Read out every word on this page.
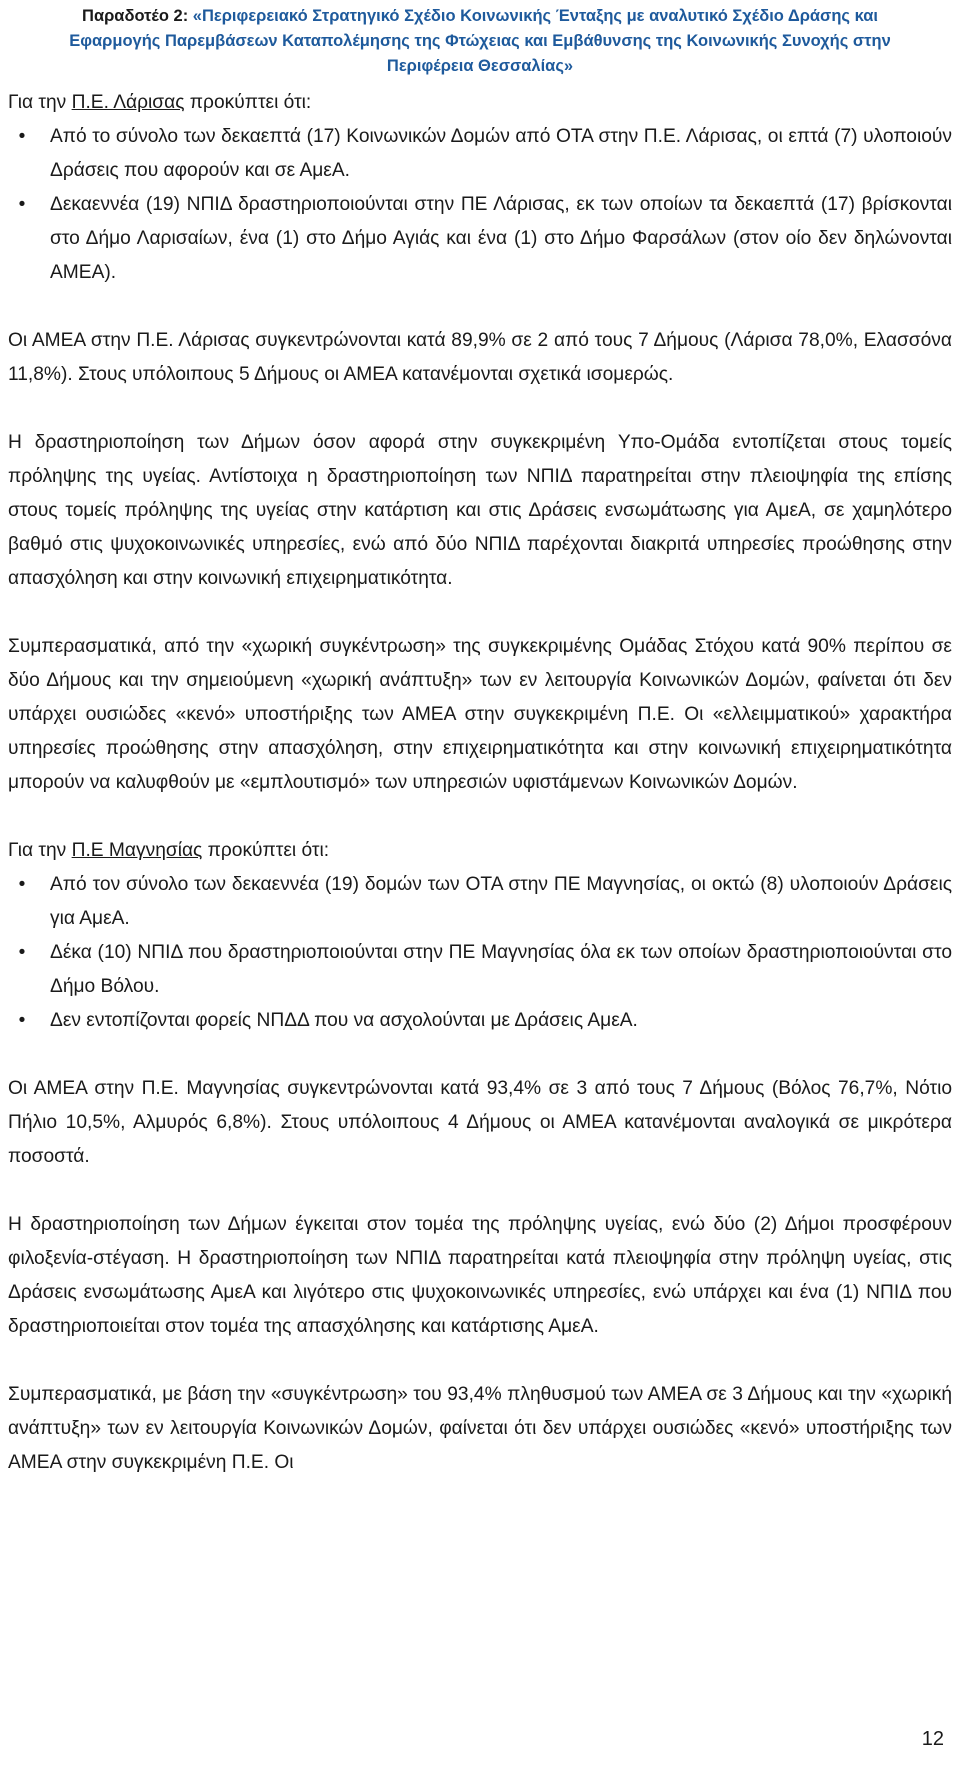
Παραδοτέο 2: «Περιφερειακό Στρατηγικό Σχέδιο Κοινωνικής Ένταξης με αναλυτικό Σχέδιο Δράσης και
Εφαρμογής Παρεμβάσεων Καταπολέμησης της Φτώχειας και Εμβάθυνσης της Κοινωνικής Συνοχής στην
Περιφέρεια Θεσσαλίας»

Για την Π.Ε. Λάρισας προκύπτει ότι:

•	Από το σύνολο των δεκαεπτά (17) Κοινωνικών Δομών από ΟΤΑ στην Π.Ε. Λάρισας, οι επτά (7) υλοποιούν Δράσεις που αφορούν και σε ΑμεΑ.
•	Δεκαεννέα (19) ΝΠΙΔ δραστηριοποιούνται στην ΠΕ Λάρισας, εκ των οποίων τα δεκαεπτά (17) βρίσκονται στο Δήμο Λαρισαίων, ένα (1) στο Δήμο Αγιάς και ένα (1) στο Δήμο Φαρσάλων (στον οίο δεν δηλώνονται ΑΜΕΑ).

Οι ΑΜΕΑ στην Π.Ε. Λάρισας συγκεντρώνονται κατά 89,9% σε 2 από τους 7 Δήμους (Λάρισα 78,0%, Ελασσόνα 11,8%). Στους υπόλοιπους 5 Δήμους οι ΑΜΕΑ κατανέμονται σχετικά ισομερώς.

Η δραστηριοποίηση των Δήμων όσον αφορά στην συγκεκριμένη Υπο-Ομάδα εντοπίζεται στους τομείς πρόληψης της υγείας. Αντίστοιχα η δραστηριοποίηση των ΝΠΙΔ παρατηρείται στην πλειοψηφία της επίσης στους τομείς πρόληψης της υγείας στην κατάρτιση και στις Δράσεις ενσωμάτωσης για ΑμεΑ, σε χαμηλότερο βαθμό στις ψυχοκοινωνικές υπηρεσίες, ενώ από δύο ΝΠΙΔ παρέχονται διακριτά υπηρεσίες προώθησης στην απασχόληση και στην κοινωνική επιχειρηματικότητα.

Συμπερασματικά, από την «χωρική συγκέντρωση» της συγκεκριμένης Ομάδας Στόχου κατά 90% περίπου σε δύο Δήμους και την σημειούμενη «χωρική ανάπτυξη» των εν λειτουργία Κοινωνικών Δομών, φαίνεται ότι δεν υπάρχει ουσιώδες «κενό» υποστήριξης των ΑΜΕΑ στην συγκεκριμένη Π.Ε. Οι «ελλειμματικού» χαρακτήρα υπηρεσίες προώθησης στην απασχόληση, στην επιχειρηματικότητα και στην κοινωνική επιχειρηματικότητα μπορούν να καλυφθούν με «εμπλουτισμό» των υπηρεσιών υφιστάμενων Κοινωνικών Δομών.

Για την Π.Ε Μαγνησίας προκύπτει ότι:

•	Από τον σύνολο των δεκαεννέα (19) δομών των ΟΤΑ στην ΠΕ Μαγνησίας, οι οκτώ (8) υλοποιούν Δράσεις για ΑμεΑ.
•	Δέκα (10) ΝΠΙΔ που δραστηριοποιούνται στην ΠΕ Μαγνησίας όλα εκ των οποίων δραστηριοποιούνται στο Δήμο Βόλου.
•	Δεν εντοπίζονται φορείς ΝΠΔΔ που να ασχολούνται με Δράσεις ΑμεΑ.

Οι ΑΜΕΑ στην Π.Ε. Μαγνησίας συγκεντρώνονται κατά 93,4% σε 3 από τους 7 Δήμους (Βόλος 76,7%, Νότιο Πήλιο 10,5%, Αλμυρός 6,8%). Στους υπόλοιπους 4 Δήμους οι ΑΜΕΑ κατανέμονται αναλογικά σε μικρότερα ποσοστά.

Η δραστηριοποίηση των Δήμων έγκειται στον τομέα της πρόληψης υγείας, ενώ δύο (2) Δήμοι προσφέρουν φιλοξενία-στέγαση. Η δραστηριοποίηση των ΝΠΙΔ παρατηρείται κατά πλειοψηφία στην πρόληψη υγείας, στις Δράσεις ενσωμάτωσης ΑμεΑ και λιγότερο στις ψυχοκοινωνικές υπηρεσίες, ενώ υπάρχει και ένα (1) ΝΠΙΔ που δραστηριοποιείται στον τομέα της απασχόλησης και κατάρτισης ΑμεΑ.

Συμπερασματικά, με βάση την «συγκέντρωση» του 93,4% πληθυσμού των ΑΜΕΑ σε 3 Δήμους και την «χωρική ανάπτυξη» των εν λειτουργία Κοινωνικών Δομών, φαίνεται ότι δεν υπάρχει ουσιώδες «κενό» υποστήριξης των ΑΜΕΑ στην συγκεκριμένη Π.Ε. Οι

12
